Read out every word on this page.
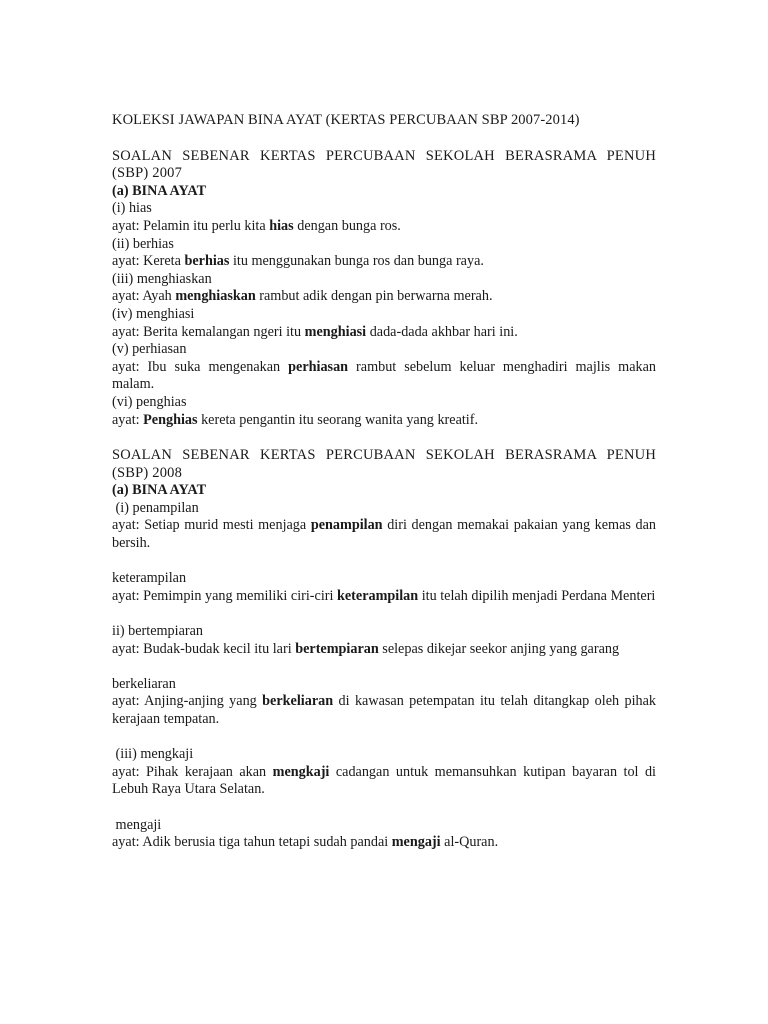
KOLEKSI JAWAPAN BINA AYAT (KERTAS PERCUBAAN SBP 2007-2014)

SOALAN SEBENAR KERTAS PERCUBAAN SEKOLAH BERASRAMA PENUH (SBP) 2007

(a) BINA AYAT

(i) hias

ayat: Pelamin itu perlu kita hias dengan bunga ros.

(ii) berhias

ayat: Kereta berhias itu menggunakan bunga ros dan bunga raya.

(iii) menghiaskan

ayat: Ayah menghiaskan rambut adik dengan pin berwarna merah.

(iv) menghiasi

ayat: Berita kemalangan ngeri itu menghiasi dada-dada akhbar hari ini.

(v) perhiasan

ayat: Ibu suka mengenakan perhiasan rambut sebelum keluar menghadiri majlis makan malam.

(vi) penghias

ayat: Penghias kereta pengantin itu seorang wanita yang kreatif.

SOALAN SEBENAR KERTAS PERCUBAAN SEKOLAH BERASRAMA PENUH (SBP) 2008

(a) BINA AYAT

(i) penampilan

ayat: Setiap murid mesti menjaga penampilan diri dengan memakai pakaian yang kemas dan bersih.

keterampilan

ayat: Pemimpin yang memiliki ciri-ciri keterampilan itu telah dipilih menjadi Perdana Menteri

ii) bertempiaran

ayat: Budak-budak kecil itu lari bertempiaran selepas dikejar seekor anjing yang garang

berkeliaran

ayat: Anjing-anjing yang berkeliaran di kawasan petempatan itu telah ditangkap oleh pihak kerajaan tempatan.

(iii) mengkaji

ayat: Pihak kerajaan akan mengkaji cadangan untuk memansuhkan kutipan bayaran tol di Lebuh Raya Utara Selatan.

mengaji

ayat: Adik berusia tiga tahun tetapi sudah pandai mengaji al-Quran.
